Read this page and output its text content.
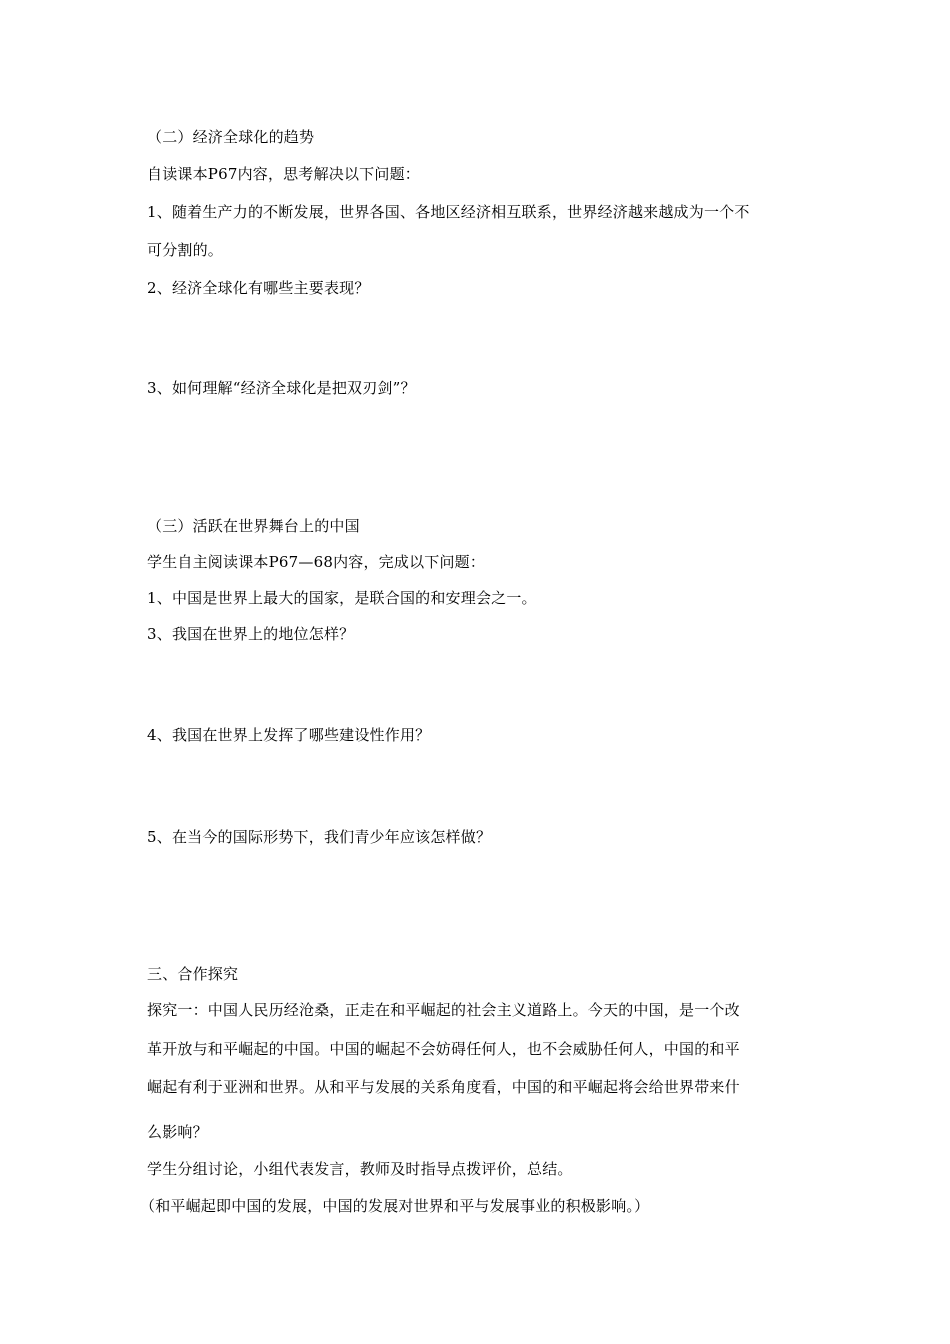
（二）经济全球化的趋势

自读课本P67内容，思考解决以下问题：

1、随着生产力的不断发展，世界各国、各地区经济相互联系，世界经济越来越成为一个不

可分割的。

2、经济全球化有哪些主要表现？

3、如何理解“经济全球化是把双刃剑”？

（三）活跃在世界舞台上的中国

学生自主阅读课本P67—68内容，完成以下问题：

1、中国是世界上最大的国家，是联合国的和安理会之一。

3、我国在世界上的地位怎样？

4、我国在世界上发挥了哪些建设性作用？

5、在当今的国际形势下，我们青少年应该怎样做？

三、合作探究

探究一：中国人民历经沧桑，正走在和平崛起的社会主义道路上。今天的中国，是一个改

革开放与和平崛起的中国。中国的崛起不会妨碍任何人，也不会威胁任何人，中国的和平

崛起有利于亚洲和世界。从和平与发展的关系角度看，中国的和平崛起将会给世界带来什

么影响？

学生分组讨论，小组代表发言，教师及时指导点拨评价，总结。

（和平崛起即中国的发展，中国的发展对世界和平与发展事业的积极影响。）
